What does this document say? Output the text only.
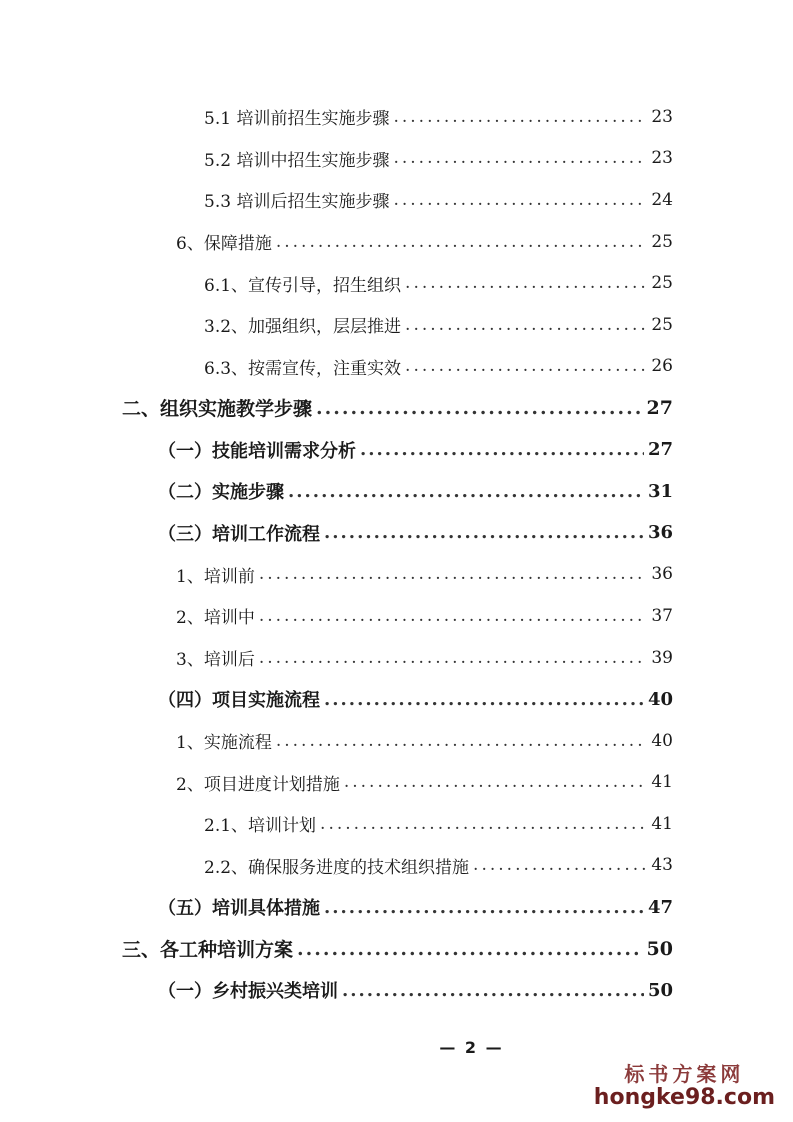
5.1 培训前招生实施步骤 .....	23
5.2 培训中招生实施步骤 .....	23
5.3 培训后招生实施步骤 .....	24
6、保障措施 .....	25
6.1、宣传引导，招生组织 .....	25
3.2、加强组织，层层推进 .....	25
6.3、按需宣传，注重实效 .....	26
二、组织实施教学步骤 .....	27
（一）技能培训需求分析 .....	27
（二）实施步骤 .....	31
（三）培训工作流程 .....	36
1、培训前 .....	36
2、培训中 .....	37
3、培训后 .....	39
（四）项目实施流程 .....	40
1、实施流程 .....	40
2、项目进度计划措施 .....	41
2.1、培训计划 .....	41
2.2、确保服务进度的技术组织措施 .....	43
（五）培训具体措施 .....	47
三、各工种培训方案 .....	50
（一）乡村振兴类培训 .....	50
— 2 —
标书方案网
hongke98.com
